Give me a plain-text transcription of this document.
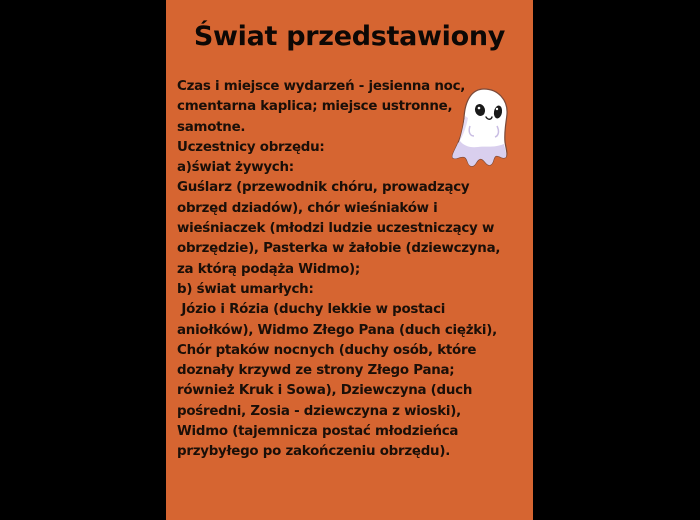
Świat przedstawiony
Czas i miejsce wydarzeń - jesienna noc,
cmentarna kaplica; miejsce ustronne,
samotne.
Uczestnicy obrzędu:
a)świat żywych:
Guślarz (przewodnik chóru, prowadzący
obrzęd dziadów), chór wieśniaków i
wieśniaczek (młodzi ludzie uczestniczący w
obrzędzie), Pasterka w żałobie (dziewczyna,
za którą podąża Widmo);
b) świat umarłych:
Józio i Rózia (duchy lekkie w postaci
aniołków), Widmo Złego Pana (duch ciężki),
Chór ptaków nocnych (duchy osób, które
doznały krzywd ze strony Złego Pana;
również Kruk i Sowa), Dziewczyna (duch
pośredni, Zosia - dziewczyna z wioski),
Widmo (tajemnicza postać młodzieńca
przybyłego po zakończeniu obrzędu).
